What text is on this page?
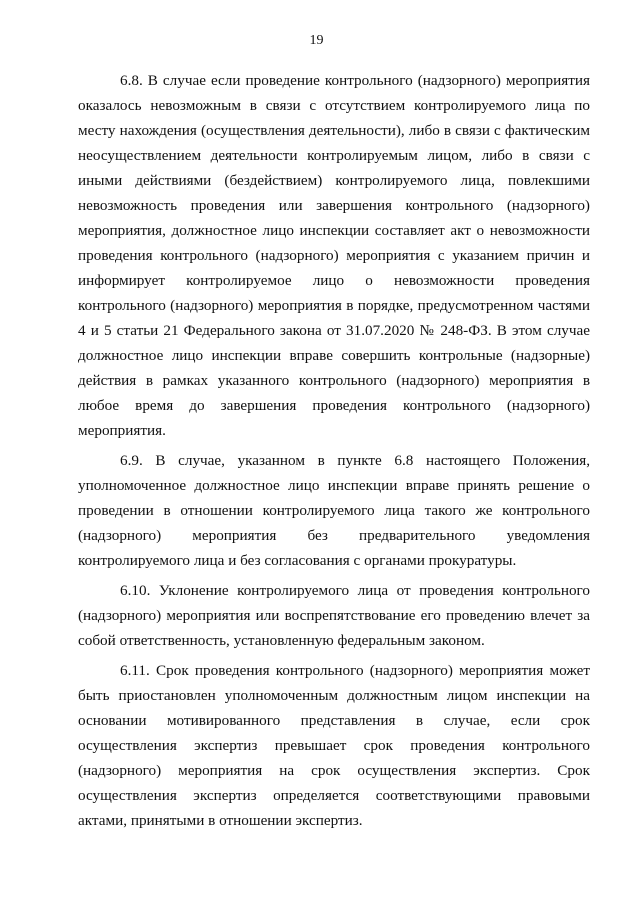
19

6.8. В случае если проведение контрольного (надзорного) мероприятия оказалось невозможным в связи с отсутствием контролируемого лица по месту нахождения (осуществления деятельности), либо в связи с фактическим неосуществлением деятельности контролируемым лицом, либо в связи с иными действиями (бездействием) контролируемого лица, повлекшими невозможность проведения или завершения контрольного (надзорного) мероприятия, должностное лицо инспекции составляет акт о невозможности проведения контрольного (надзорного) мероприятия с указанием причин и информирует контролируемое лицо о невозможности проведения контрольного (надзорного) мероприятия в порядке, предусмотренном частями 4 и 5 статьи 21 Федерального закона от 31.07.2020 № 248-ФЗ. В этом случае должностное лицо инспекции вправе совершить контрольные (надзорные) действия в рамках указанного контрольного (надзорного) мероприятия в любое время до завершения проведения контрольного (надзорного) мероприятия.

6.9. В случае, указанном в пункте 6.8 настоящего Положения, уполномоченное должностное лицо инспекции вправе принять решение о проведении в отношении контролируемого лица такого же контрольного (надзорного) мероприятия без предварительного уведомления контролируемого лица и без согласования с органами прокуратуры.

6.10. Уклонение контролируемого лица от проведения контрольного (надзорного) мероприятия или воспрепятствование его проведению влечет за собой ответственность, установленную федеральным законом.

6.11. Срок проведения контрольного (надзорного) мероприятия может быть приостановлен уполномоченным должностным лицом инспекции на основании мотивированного представления в случае, если срок осуществления экспертиз превышает срок проведения контрольного (надзорного) мероприятия на срок осуществления экспертиз. Срок осуществления экспертиз определяется соответствующими правовыми актами, принятыми в отношении экспертиз.
